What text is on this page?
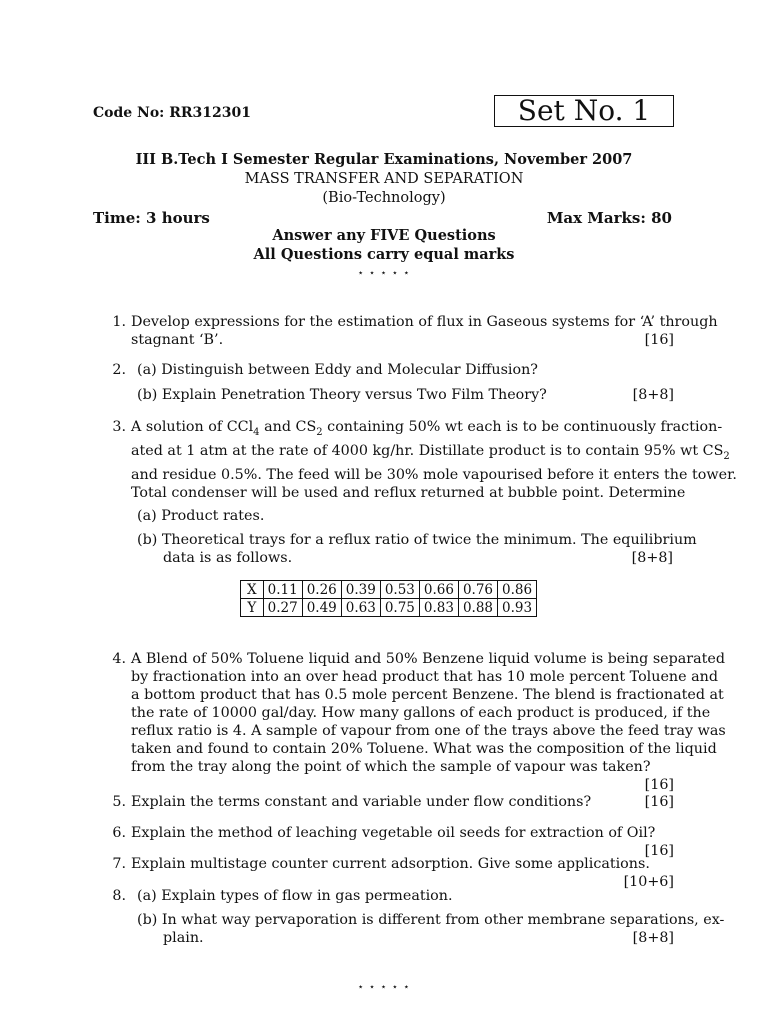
Code No: RR312301	Set No. 1
III B.Tech I Semester Regular Examinations, November 2007
MASS TRANSFER AND SEPARATION
(Bio-Technology)
Time: 3 hours	Max Marks: 80
Answer any FIVE Questions
All Questions carry equal marks
⋆ ⋆ ⋆ ⋆ ⋆
1. Develop expressions for the estimation of flux in Gaseous systems for ‘A’ through
stagnant ‘B’.	[16]
2. (a) Distinguish between Eddy and Molecular Diffusion?
(b) Explain Penetration Theory versus Two Film Theory?	[8+8]
3. A solution of CCl$_4$ and $CS_2$ containing 50% wt each is to be continuously fraction-
ated at 1 atm at the rate of 4000 kg/hr. Distillate product is to contain 95% wt $CS_2$
and residue 0.5%. The feed will be 30% mole vapourised before it enters the tower.
Total condenser will be used and reflux returned at bubble point. Determine
(a) Product rates.
(b) Theoretical trays for a reflux ratio of twice the minimum. The equilibrium
data is as follows.	[8+8]
X	0.11	0.26	0.39	0.53	0.66	0.76	0.86
Y	0.27	0.49	0.63	0.75	0.83	0.88	0.93
4. A Blend of 50% Toluene liquid and 50% Benzene liquid volume is being separated
by fractionation into an over head product that has 10 mole percent Toluene and
a bottom product that has 0.5 mole percent Benzene. The blend is fractionated at
the rate of 10000 gal/day. How many gallons of each product is produced, if the
reflux ratio is 4. A sample of vapour from one of the trays above the feed tray was
taken and found to contain 20% Toluene. What was the composition of the liquid
from the tray along the point of which the sample of vapour was taken?
[16]
5. Explain the terms constant and variable under flow conditions?	[16]
6. Explain the method of leaching vegetable oil seeds for extraction of Oil?
[16]
7. Explain multistage counter current adsorption. Give some applications.
[10+6]
8. (a) Explain types of flow in gas permeation.
(b) In what way pervaporation is different from other membrane separations, ex-
plain.	[8+8]
⋆ ⋆ ⋆ ⋆ ⋆
